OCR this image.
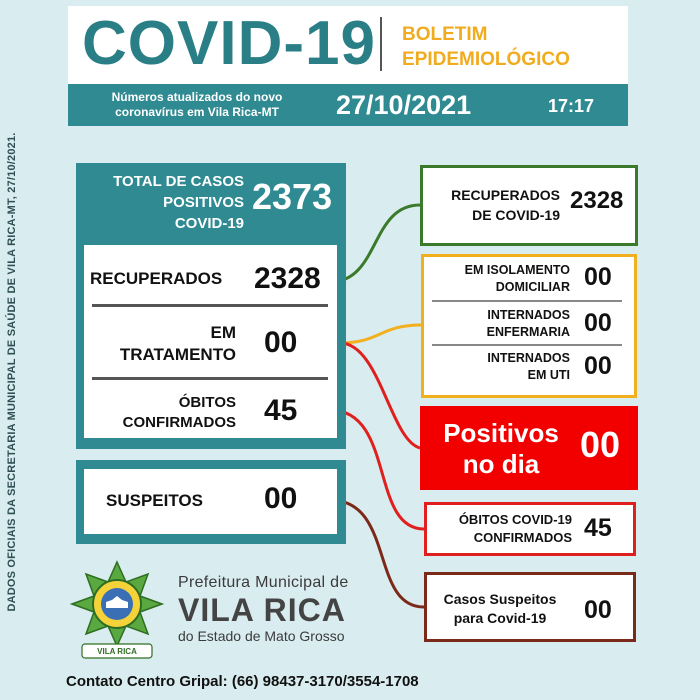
DADOS OFICIAIS DA SECRETARIA MUNICIPAL DE SAÚDE DE VILA RICA-MT, 27/10/2021.
COVID-19 BOLETIM
EPIDEMIOLÓGICO
Números atualizados do novo
coronavírus em Vila Rica-MT	27/10/2021	17:17
TOTAL DE CASOS
POSITIVOS
COVID-19
2373
RECUPERADOS 2328
EM
TRATAMENTO 00
ÓBITOS
CONFIRMADOS 45
SUSPEITOS 00
RECUPERADOS
DE COVID-19
2328
EM ISOLAMENTO
DOMICILIAR 00
INTERNADOS
ENFERMARIA 00
INTERNADOS
EM UTI 00
Positivos
no dia	00
ÓBITOS COVID-19
CONFIRMADOS 45
Casos Suspeitos
para Covid-19	00
VILA RICA
Prefeitura Municipal de
VILA RICA
do Estado de Mato Grosso
Contato Centro Gripal: (66) 98437-3170/3554-1708
